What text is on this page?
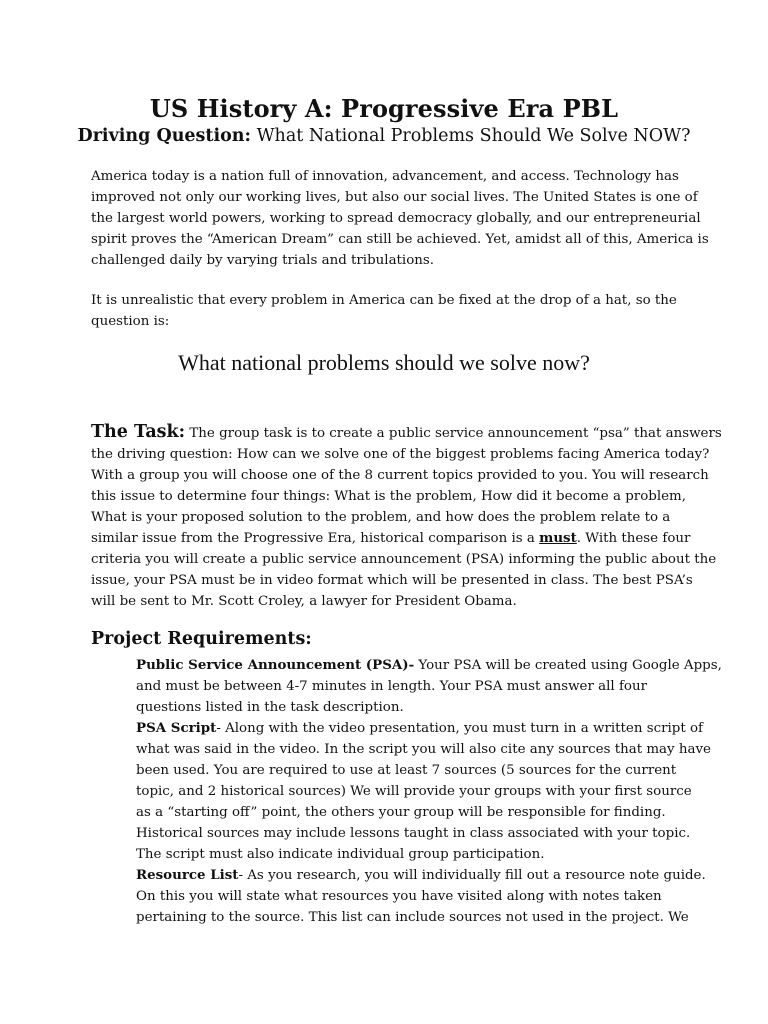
US History A: Progressive Era PBL
Driving Question: What National Problems Should We Solve NOW?
America today is a nation full of innovation, advancement, and access. Technology has
improved not only our working lives, but also our social lives. The United States is one of
the largest world powers, working to spread democracy globally, and our entrepreneurial
spirit proves the “American Dream” can still be achieved. Yet, amidst all of this, America is
challenged daily by varying trials and tribulations.
It is unrealistic that every problem in America can be fixed at the drop of a hat, so the
question is:
What national problems should we solve now?
The Task: The group task is to create a public service announcement “psa” that answers
the driving question: How can we solve one of the biggest problems facing America today?
With a group you will choose one of the 8 current topics provided to you. You will research
this issue to determine four things: What is the problem, How did it become a problem,
What is your proposed solution to the problem, and how does the problem relate to a
similar issue from the Progressive Era, historical comparison is a must. With these four
criteria you will create a public service announcement (PSA) informing the public about the
issue, your PSA must be in video format which will be presented in class. The best PSA’s
will be sent to Mr. Scott Croley, a lawyer for President Obama.
Project Requirements:
Public Service Announcement (PSA)- Your PSA will be created using Google Apps,
and must be between 4-7 minutes in length. Your PSA must answer all four
questions listed in the task description.
PSA Script- Along with the video presentation, you must turn in a written script of
what was said in the video. In the script you will also cite any sources that may have
been used. You are required to use at least 7 sources (5 sources for the current
topic, and 2 historical sources) We will provide your groups with your first source
as a “starting off” point, the others your group will be responsible for finding.
Historical sources may include lessons taught in class associated with your topic.
The script must also indicate individual group participation.
Resource List- As you research, you will individually fill out a resource note guide.
On this you will state what resources you have visited along with notes taken
pertaining to the source. This list can include sources not used in the project. We
